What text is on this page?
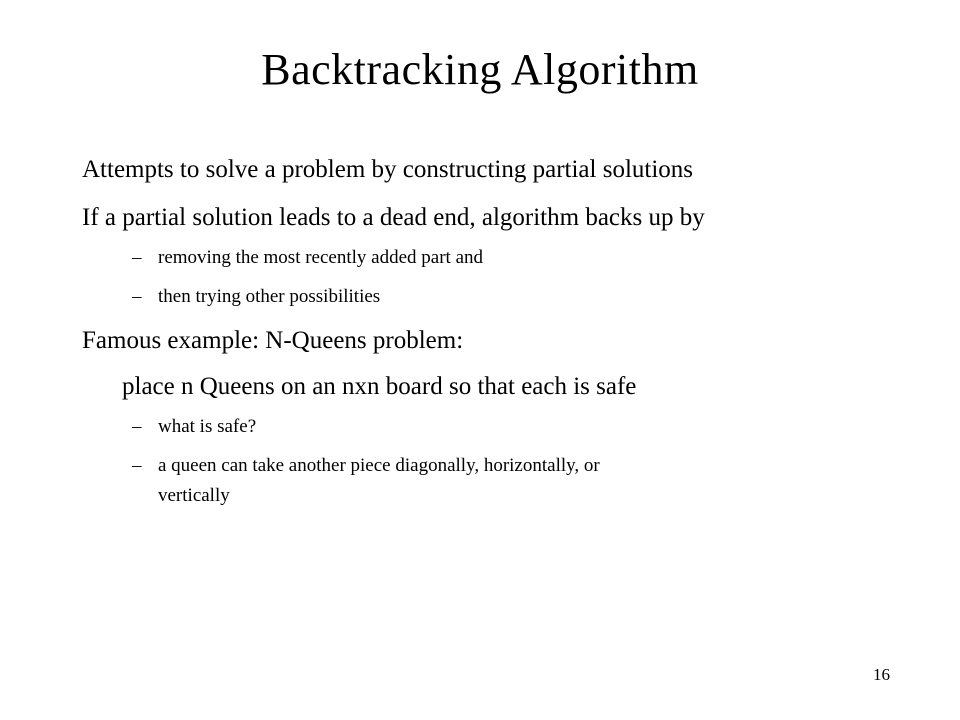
Backtracking Algorithm
Attempts to solve a problem by constructing partial solutions
If a partial solution leads to a dead end, algorithm backs up by
– removing the most recently added part and
– then trying other possibilities
Famous example: N-Queens problem:
place n Queens on an nxn board so that each is safe
– what is safe?
– a queen can take another piece diagonally, horizontally, or
vertically
16
